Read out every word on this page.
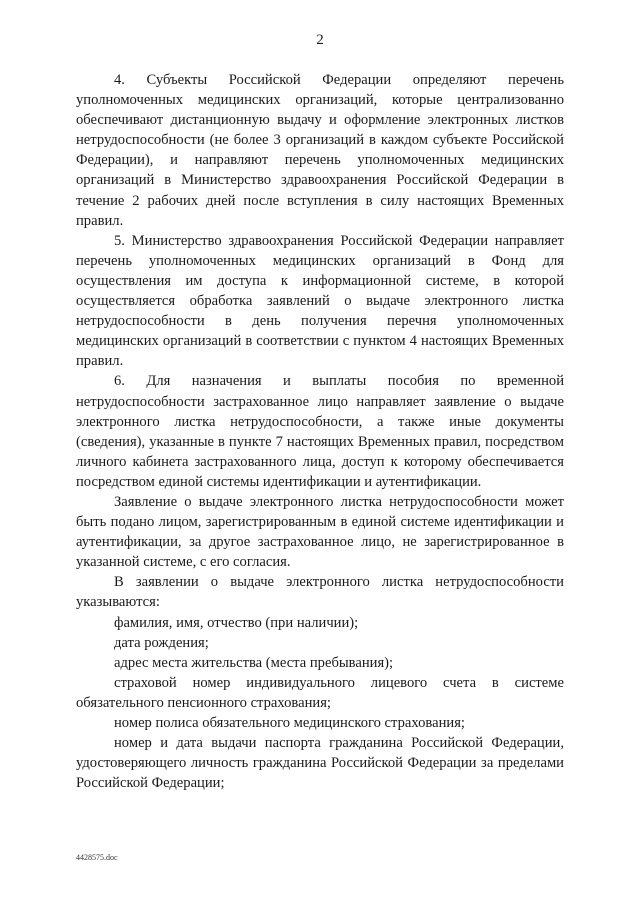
2

4. Субъекты Российской Федерации определяют перечень уполномоченных медицинских организаций, которые централизованно обеспечивают дистанционную выдачу и оформление электронных листков нетрудоспособности (не более 3 организаций в каждом субъекте Российской Федерации), и направляют перечень уполномоченных медицинских организаций в Министерство здравоохранения Российской Федерации в течение 2 рабочих дней после вступления в силу настоящих Временных правил.

5. Министерство здравоохранения Российской Федерации направляет перечень уполномоченных медицинских организаций в Фонд для осуществления им доступа к информационной системе, в которой осуществляется обработка заявлений о выдаче электронного листка нетрудоспособности в день получения перечня уполномоченных медицинских организаций в соответствии с пунктом 4 настоящих Временных правил.

6. Для назначения и выплаты пособия по временной нетрудоспособности застрахованное лицо направляет заявление о выдаче электронного листка нетрудоспособности, а также иные документы (сведения), указанные в пункте 7 настоящих Временных правил, посредством личного кабинета застрахованного лица, доступ к которому обеспечивается посредством единой системы идентификации и аутентификации.

Заявление о выдаче электронного листка нетрудоспособности может быть подано лицом, зарегистрированным в единой системе идентификации и аутентификации, за другое застрахованное лицо, не зарегистрированное в указанной системе, с его согласия.

В заявлении о выдаче электронного листка нетрудоспособности указываются:

фамилия, имя, отчество (при наличии);

дата рождения;

адрес места жительства (места пребывания);

страховой номер индивидуального лицевого счета в системе обязательного пенсионного страхования;

номер полиса обязательного медицинского страхования;

номер и дата выдачи паспорта гражданина Российской Федерации, удостоверяющего личность гражданина Российской Федерации за пределами Российской Федерации;

4428575.doc
